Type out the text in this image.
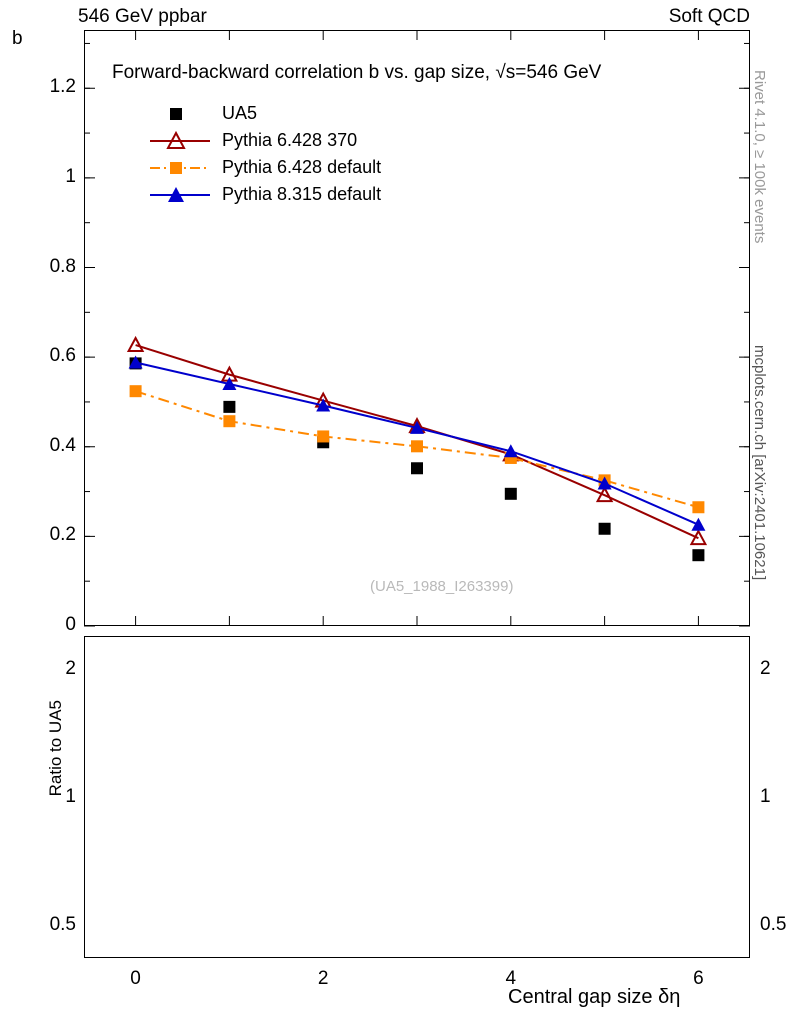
546 GeV ppbar	Soft QCD
b
Rivet 4.1.0, ≥ 100k events
mcplots.cern.ch [arXiv:2401.10621]
Forward-backward correlation b vs. gap size, √s=546 GeV
(UA5_1988_I263399)
UA5
Pythia 6.428 370
Pythia 6.428 default
Pythia 8.315 default
Ratio to UA5
Central gap size δη
0
0.2
0.4
0.6
0.8
1
1.2
0.5	0.5
1	1
2	2
0	2	4	6
